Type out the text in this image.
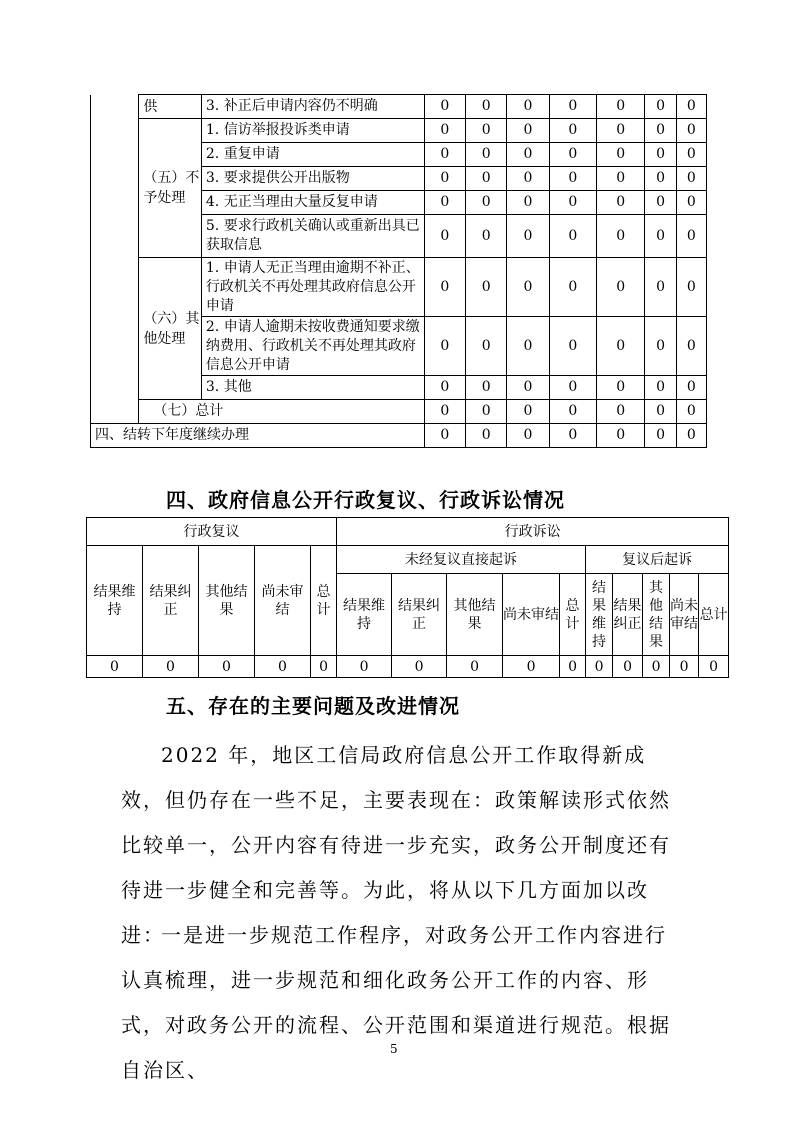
	供	3. 补正后申请内容仍不明确	0	0	0	0	0	0	0
	（五）不予处理	1. 信访举报投诉类申请	0	0	0	0	0	0	0
		2. 重复申请	0	0	0	0	0	0	0
		3. 要求提供公开出版物	0	0	0	0	0	0	0
		4. 无正当理由大量反复申请	0	0	0	0	0	0	0
		5. 要求行政机关确认或重新出具已获取信息	0	0	0	0	0	0	0
	（六）其他处理	1. 申请人无正当理由逾期不补正、行政机关不再处理其政府信息公开申请	0	0	0	0	0	0	0
		2. 申请人逾期未按收费通知要求缴纳费用、行政机关不再处理其政府信息公开申请	0	0	0	0	0	0	0
		3. 其他	0	0	0	0	0	0	0
	（七）总计		0	0	0	0	0	0	0
四、结转下年度继续办理			0	0	0	0	0	0	0
四、政府信息公开行政复议、行政诉讼情况
行政复议					行政诉讼									
结果维持	结果纠正	其他结果	尚未审结	总计	未经复议直接起诉					复议后起诉				
					结果维持	结果纠正	其他结果	尚未审结	总计	结果维持	结果纠正	其他结果	尚未审结	总计
0	0	0	0	0	0	0	0	0	0	0	0	0	0	0
五、存在的主要问题及改进情况
2022 年，地区工信局政府信息公开工作取得新成效，但仍存在一些不足，主要表现在：政策解读形式依然比较单一，公开内容有待进一步充实，政务公开制度还有待进一步健全和完善等。为此，将从以下几方面加以改进：
一是进一步规范工作程序，对政务公开工作内容进行认真梳理，进一步规范和细化政务公开工作的内容、形式，对政务公开的流程、公开范围和渠道进行规范。根据自治区、
5
